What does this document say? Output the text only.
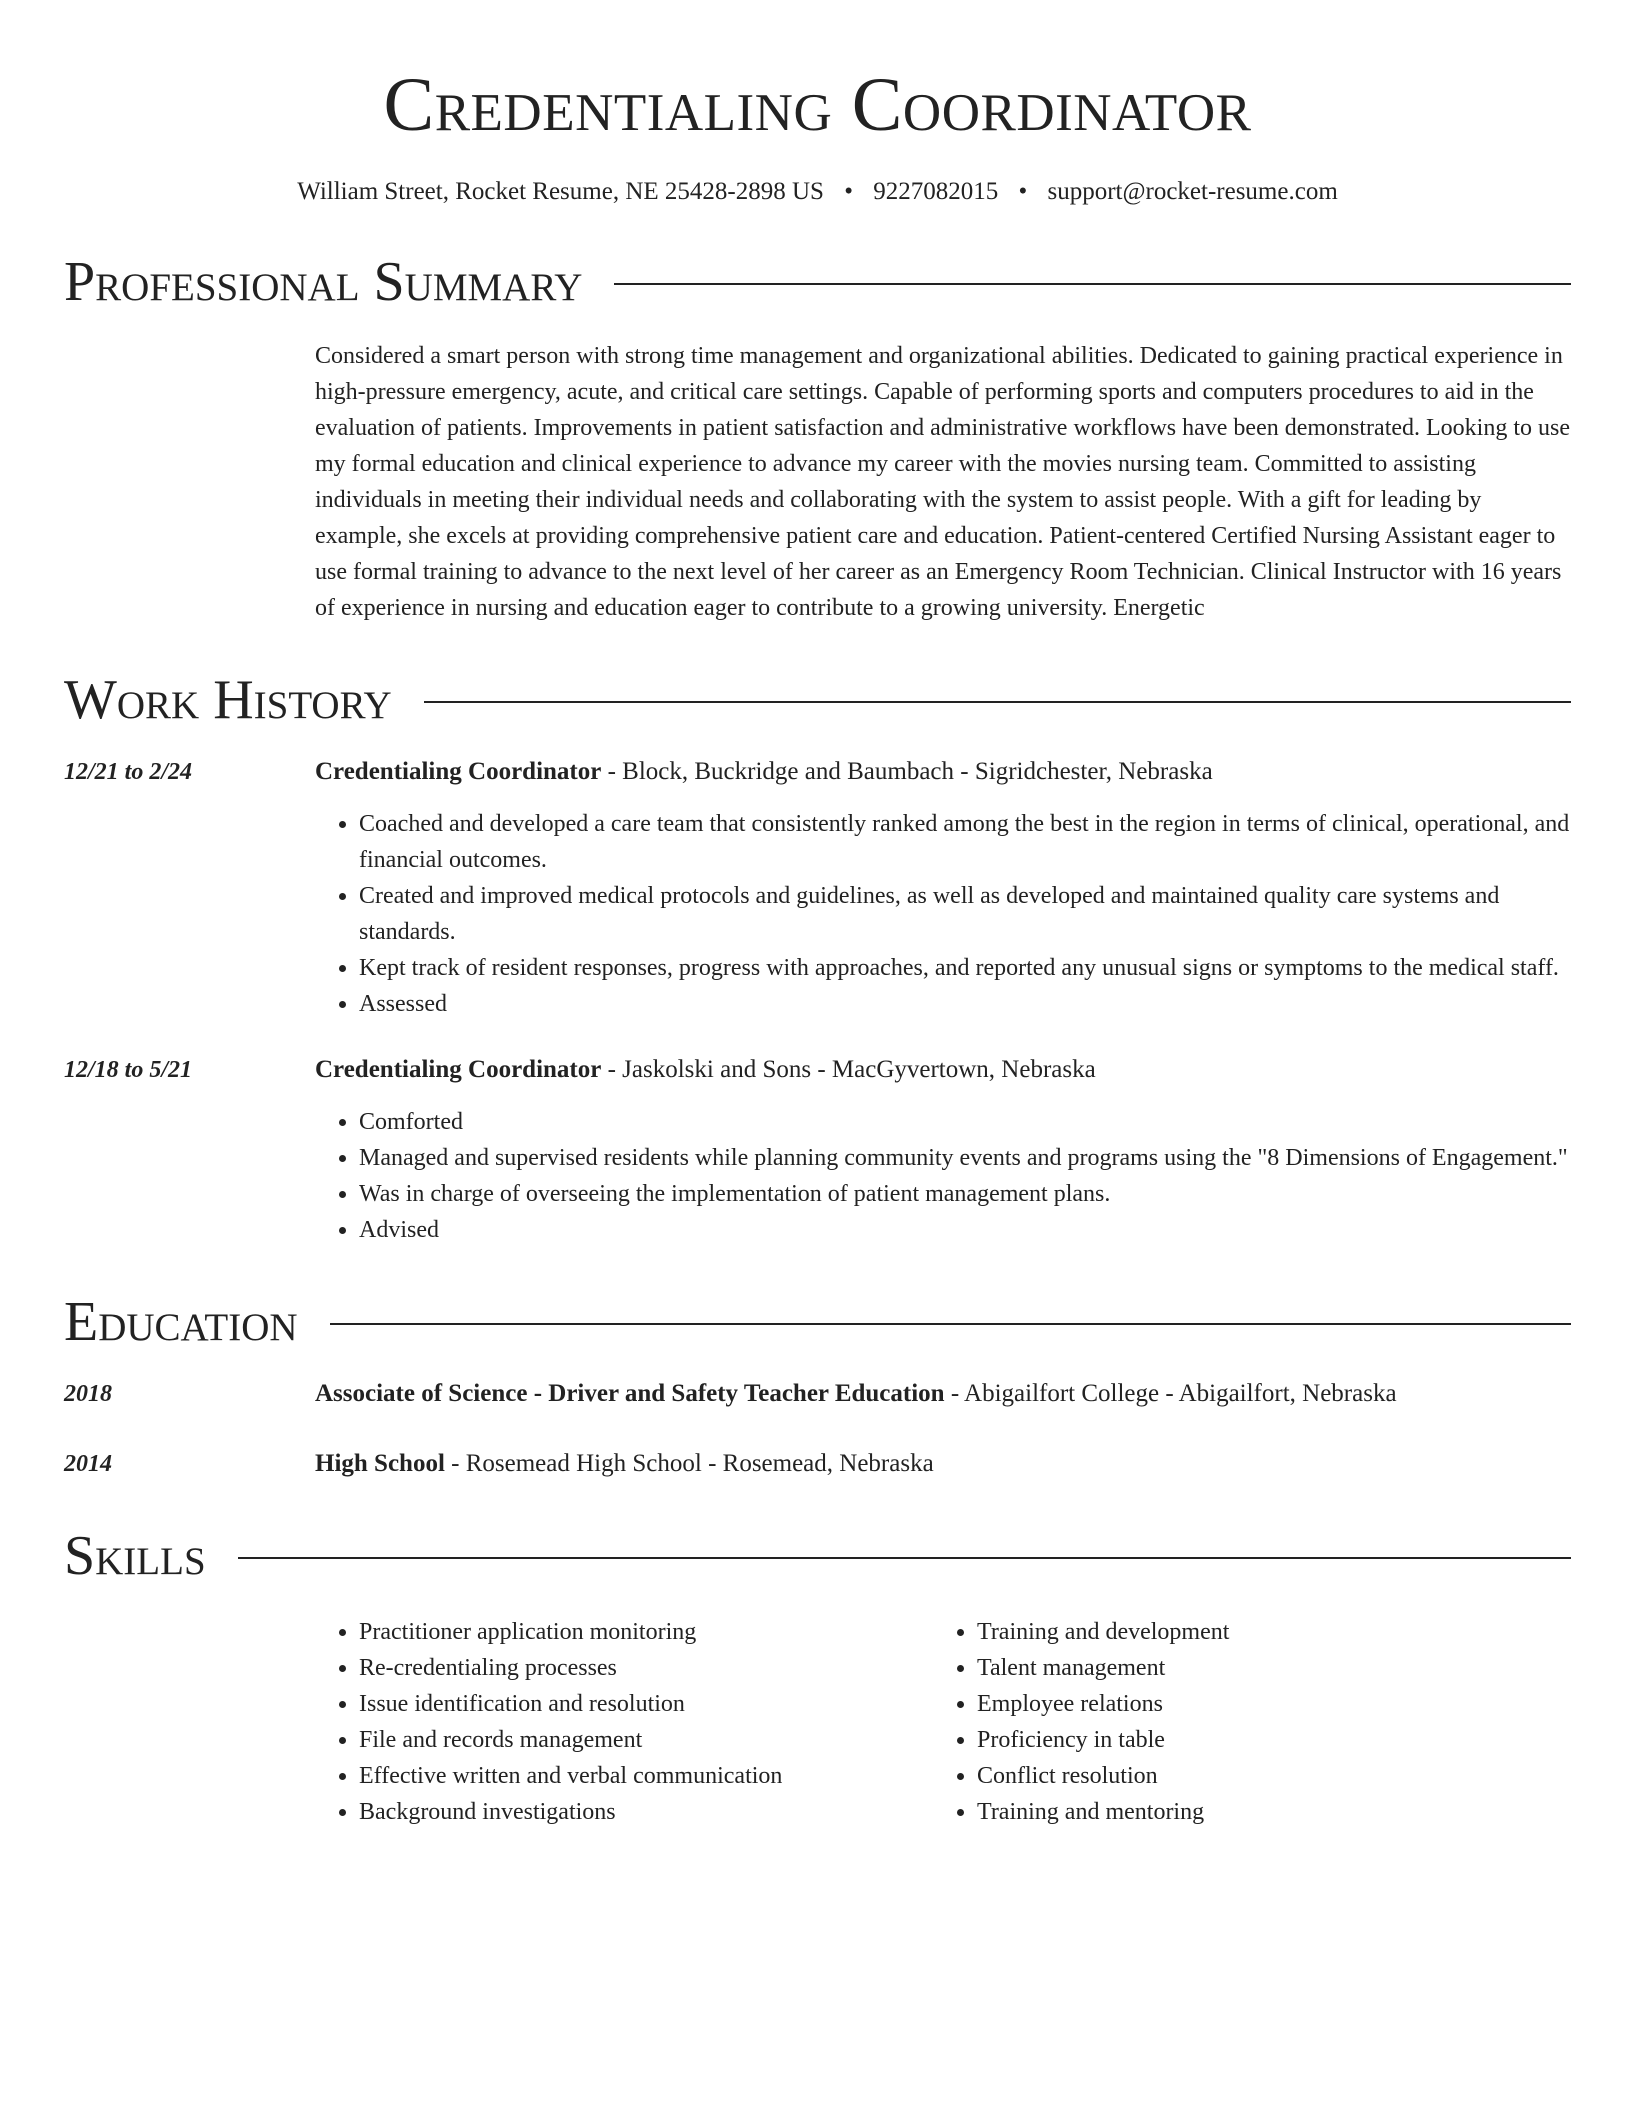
Credentialing Coordinator
William Street, Rocket Resume, NE 25428-2898 US • 9227082015 • support@rocket-resume.com
Professional Summary
Considered a smart person with strong time management and organizational abilities. Dedicated to gaining practical experience in high-pressure emergency, acute, and critical care settings. Capable of performing sports and computers procedures to aid in the evaluation of patients. Improvements in patient satisfaction and administrative workflows have been demonstrated. Looking to use my formal education and clinical experience to advance my career with the movies nursing team. Committed to assisting individuals in meeting their individual needs and collaborating with the system to assist people. With a gift for leading by example, she excels at providing comprehensive patient care and education. Patient-centered Certified Nursing Assistant eager to use formal training to advance to the next level of her career as an Emergency Room Technician. Clinical Instructor with 16 years of experience in nursing and education eager to contribute to a growing university. Energetic
Work History
12/21 to 2/24	Credentialing Coordinator - Block, Buckridge and Baumbach - Sigridchester, Nebraska
• Coached and developed a care team that consistently ranked among the best in the region in terms of clinical, operational, and financial outcomes.
• Created and improved medical protocols and guidelines, as well as developed and maintained quality care systems and standards.
• Kept track of resident responses, progress with approaches, and reported any unusual signs or symptoms to the medical staff.
• Assessed
12/18 to 5/21	Credentialing Coordinator - Jaskolski and Sons - MacGyvertown, Nebraska
• Comforted
• Managed and supervised residents while planning community events and programs using the "8 Dimensions of Engagement."
• Was in charge of overseeing the implementation of patient management plans.
• Advised
Education
2018	Associate of Science - Driver and Safety Teacher Education - Abigailfort College - Abigailfort, Nebraska
2014	High School - Rosemead High School - Rosemead, Nebraska
Skills
• Practitioner application monitoring
• Re-credentialing processes
• Issue identification and resolution
• File and records management
• Effective written and verbal communication
• Background investigations
• Training and development
• Talent management
• Employee relations
• Proficiency in table
• Conflict resolution
• Training and mentoring
